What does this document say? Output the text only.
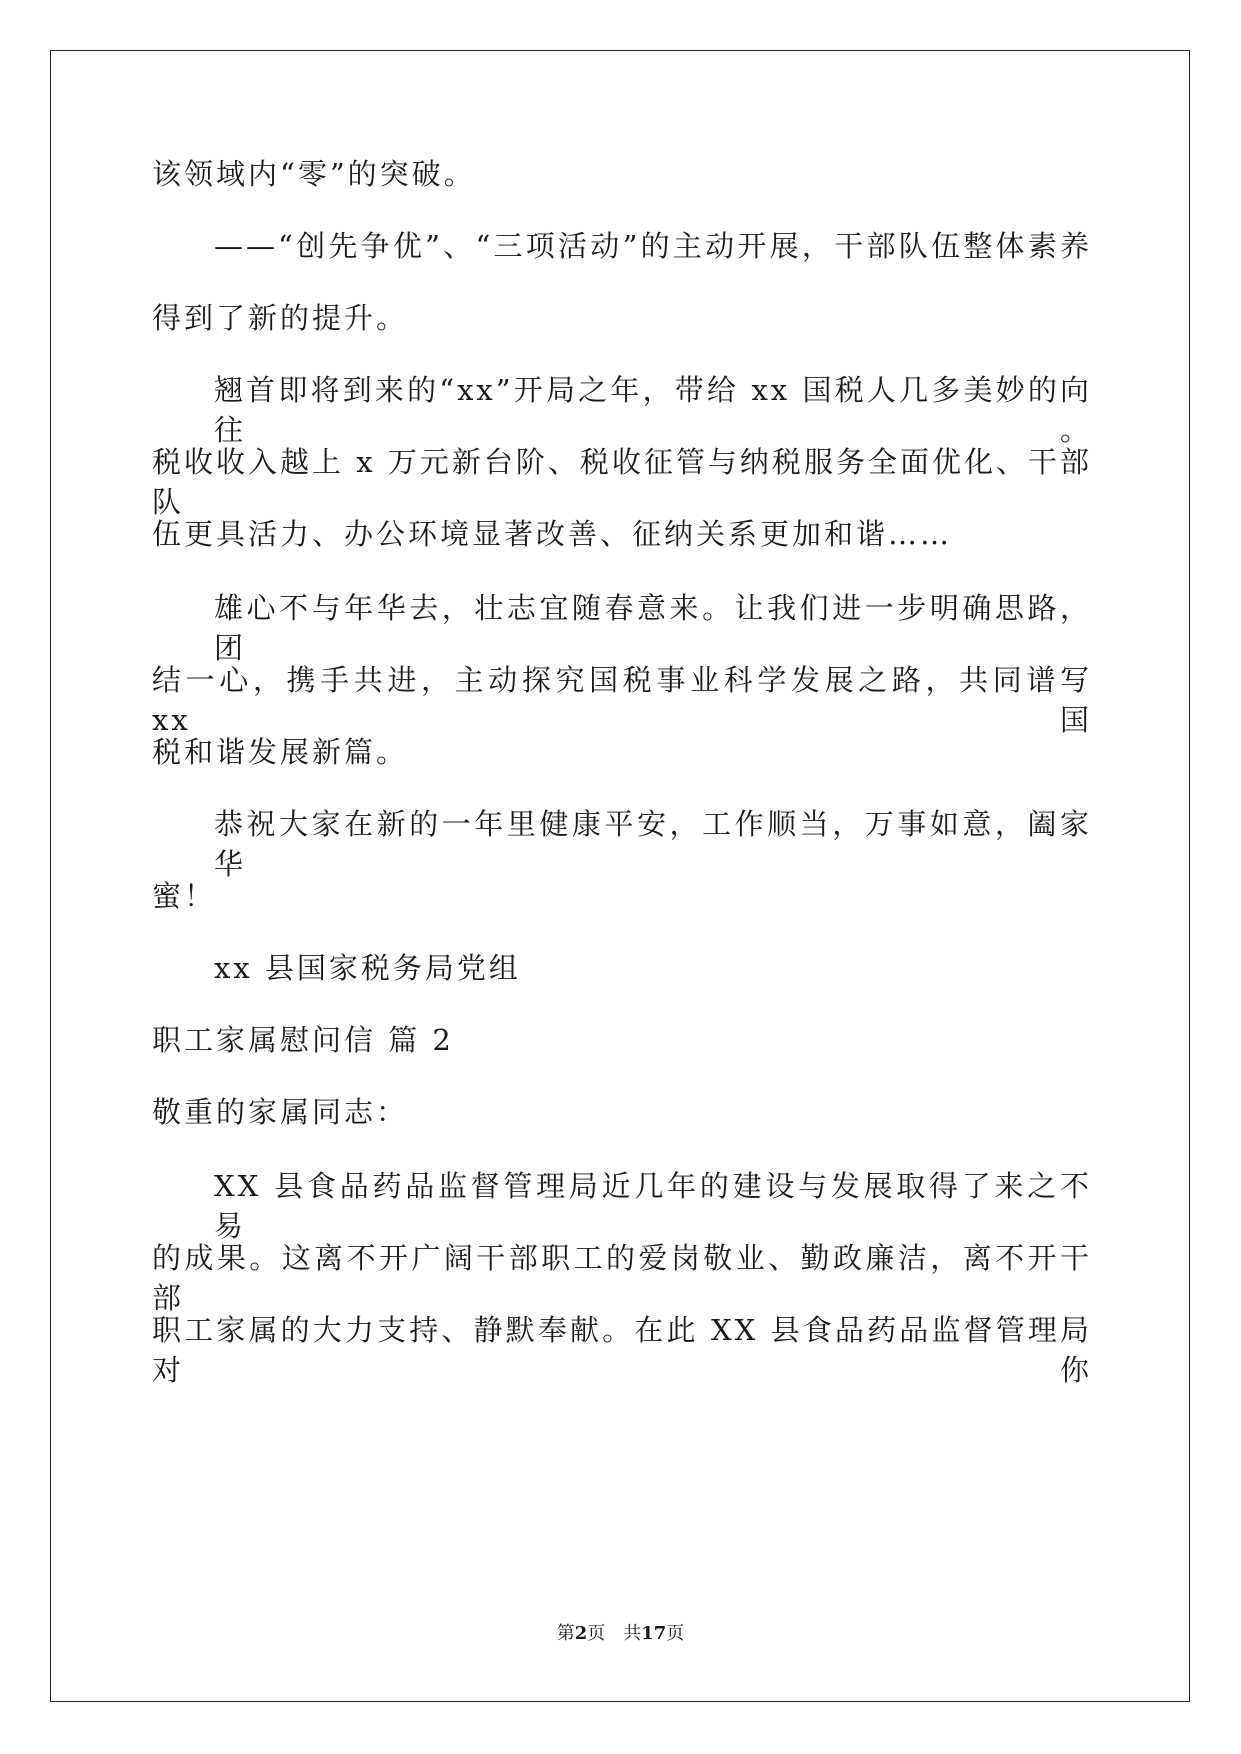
该领域内“零”的突破。
——“创先争优”、“三项活动”的主动开展，干部队伍整体素养
得到了新的提升。
翘首即将到来的“xx”开局之年，带给 xx 国税人几多美妙的向往。
税收收入越上 x 万元新台阶、税收征管与纳税服务全面优化、干部队
伍更具活力、办公环境显著改善、征纳关系更加和谐……
雄心不与年华去，壮志宜随春意来。让我们进一步明确思路，团
结一心，携手共进，主动探究国税事业科学发展之路，共同谱写 xx 国
税和谐发展新篇。
恭祝大家在新的一年里健康平安，工作顺当，万事如意，阖家华
蜜！
xx 县国家税务局党组
职工家属慰问信 篇 2
敬重的家属同志：
XX 县食品药品监督管理局近几年的建设与发展取得了来之不易
的成果。这离不开广阔干部职工的爱岗敬业、勤政廉洁，离不开干部
职工家属的大力支持、静默奉献。在此 XX 县食品药品监督管理局对你
第2页　共17页
